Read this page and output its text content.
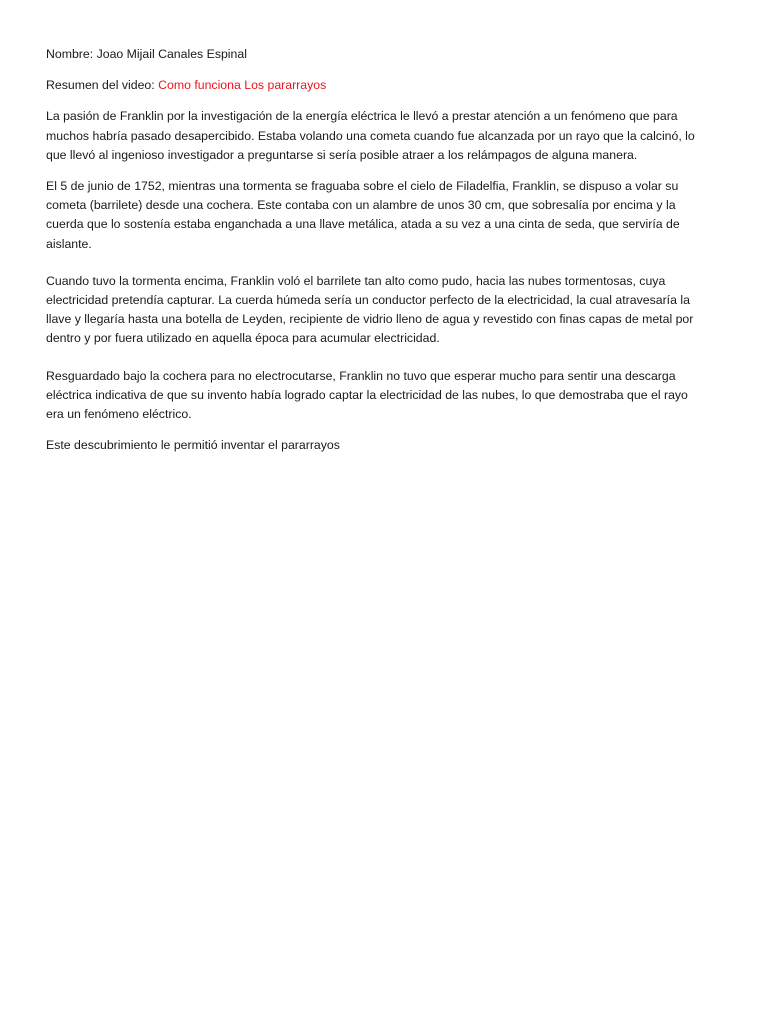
Nombre: Joao Mijail Canales Espinal

Resumen del video: Como funciona Los pararrayos

La pasión de Franklin por la investigación de la energía eléctrica le llevó a prestar atención a un fenómeno que para muchos habría pasado desapercibido. Estaba volando una cometa cuando fue alcanzada por un rayo que la calcinó, lo que llevó al ingenioso investigador a preguntarse si sería posible atraer a los relámpagos de alguna manera.

El 5 de junio de 1752, mientras una tormenta se fraguaba sobre el cielo de Filadelfia, Franklin, se dispuso a volar su cometa (barrilete) desde una cochera. Este contaba con un alambre de unos 30 cm, que sobresalía por encima y la cuerda que lo sostenía estaba enganchada a una llave metálica, atada a su vez a una cinta de seda, que serviría de aislante.

Cuando tuvo la tormenta encima, Franklin voló el barrilete tan alto como pudo, hacia las nubes tormentosas, cuya electricidad pretendía capturar. La cuerda húmeda sería un conductor perfecto de la electricidad, la cual atravesaría la llave y llegaría hasta una botella de Leyden, recipiente de vidrio lleno de agua y revestido con finas capas de metal por dentro y por fuera utilizado en aquella época para acumular electricidad.

Resguardado bajo la cochera para no electrocutarse, Franklin no tuvo que esperar mucho para sentir una descarga eléctrica indicativa de que su invento había logrado captar la electricidad de las nubes, lo que demostraba que el rayo era un fenómeno eléctrico.

Este descubrimiento le permitió inventar el pararrayos
